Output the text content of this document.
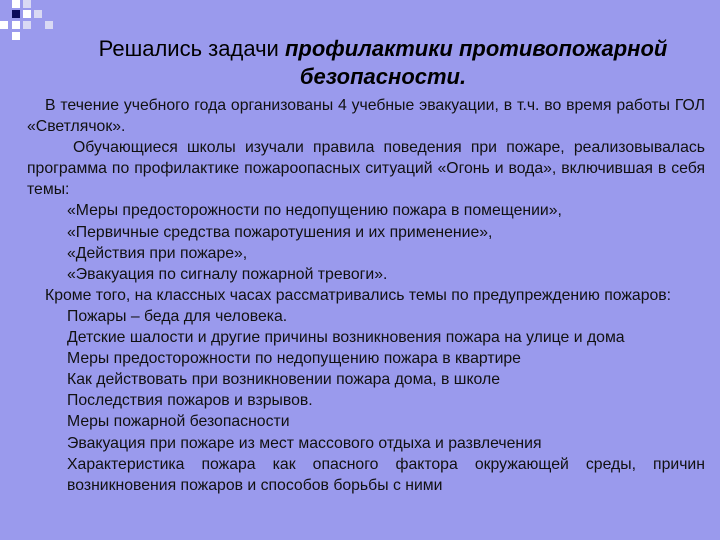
Решались задачи профилактики противопожарной
безопасности.

В течение учебного года организованы 4 учебные эвакуации, в т.ч. во время работы ГОЛ «Светлячок».

Обучающиеся школы изучали правила поведения при пожаре, реализовывалась программа по профилактике пожароопасных ситуаций «Огонь и вода», включившая в себя темы:

«Меры предосторожности по недопущению пожара в помещении»,

«Первичные средства пожаротушения и их применение»,

«Действия при пожаре»,

«Эвакуация по сигналу пожарной тревоги».

Кроме того, на классных часах рассматривались темы по предупреждению пожаров:

Пожары – беда для человека.

Детские шалости и другие причины возникновения пожара на улице и дома

Меры предосторожности по недопущению пожара в квартире

Как действовать при возникновении пожара дома, в школе

Последствия пожаров и взрывов.

Меры пожарной безопасности

Эвакуация при пожаре из мест массового отдыха и развлечения

Характеристика пожара как опасного фактора окружающей среды, причин возникновения пожаров и способов борьбы с ними
